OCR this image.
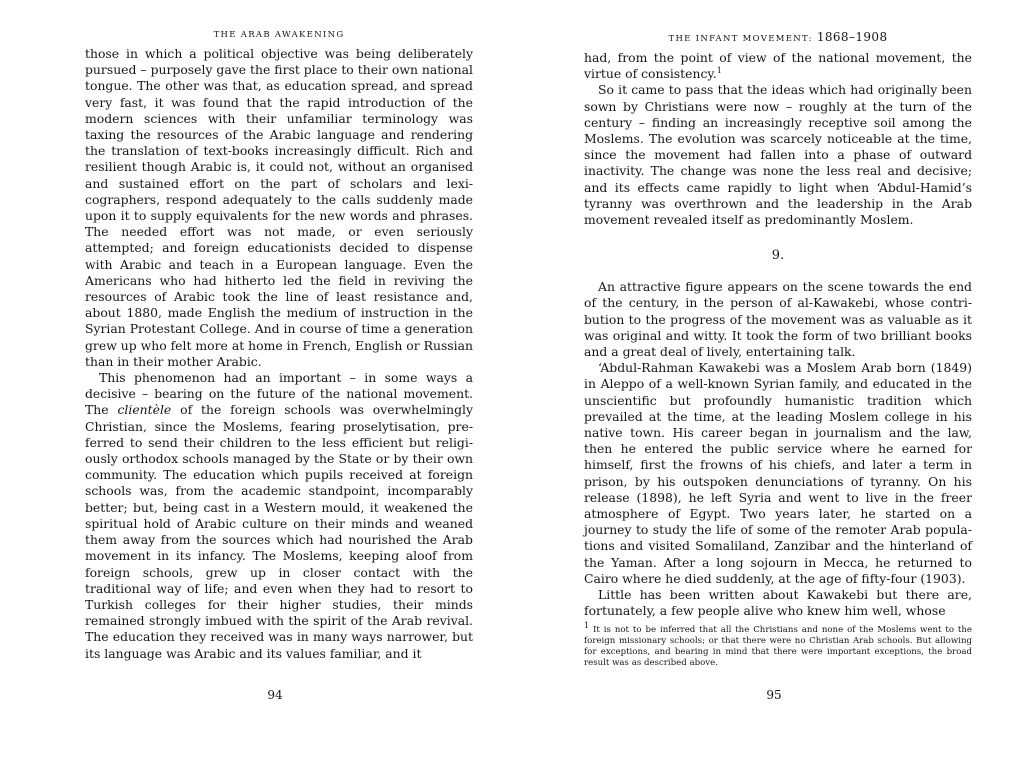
THE ARAB AWAKENING

those in which a political objective was being deliberately pursued – purposely gave the first place to their own national tongue. The other was that, as education spread, and spread very fast, it was found that the rapid introduction of the modern sciences with their unfamiliar terminology was taxing the resources of the Arabic language and rendering the translation of text-books increasingly difficult. Rich and resilient though Arabic is, it could not, without an organised and sustained effort on the part of scholars and lexicographers, respond adequately to the calls suddenly made upon it to supply equivalents for the new words and phrases. The needed effort was not made, or even seriously attempted; and foreign educationists decided to dispense with Arabic and teach in a European language. Even the Americans who had hitherto led the field in reviving the resources of Arabic took the line of least resistance and, about 1880, made English the medium of instruction in the Syrian Protestant College. And in course of time a generation grew up who felt more at home in French, English or Russian than in their mother Arabic.

This phenomenon had an important – in some ways a decisive – bearing on the future of the national movement. The clientèle of the foreign schools was overwhelmingly Christian, since the Moslems, fearing proselytisation, preferred to send their children to the less efficient but religiously orthodox schools managed by the State or by their own community. The education which pupils received at foreign schools was, from the academic standpoint, incomparably better; but, being cast in a Western mould, it weakened the spiritual hold of Arabic culture on their minds and weaned them away from the sources which had nourished the Arab movement in its infancy. The Moslems, keeping aloof from foreign schools, grew up in closer contact with the traditional way of life; and even when they had to resort to Turkish colleges for their higher studies, their minds remained strongly imbued with the spirit of the Arab revival. The education they received was in many ways narrower, but its language was Arabic and its values familiar, and it

94
THE INFANT MOVEMENT: 1868–1908

had, from the point of view of the national movement, the virtue of consistency.$^1$

So it came to pass that the ideas which had originally been sown by Christians were now – roughly at the turn of the century – finding an increasingly receptive soil among the Moslems. The evolution was scarcely noticeable at the time, since the movement had fallen into a phase of outward inactivity. The change was none the less real and decisive; and its effects came rapidly to light when ‘Abdul-Hamid’s tyranny was overthrown and the leadership in the Arab movement revealed itself as predominantly Moslem.

9.

An attractive figure appears on the scene towards the end of the century, in the person of al-Kawakebi, whose contribution to the progress of the movement was as valuable as it was original and witty. It took the form of two brilliant books and a great deal of lively, entertaining talk.

‘Abdul-Rahman Kawakebi was a Moslem Arab born (1849) in Aleppo of a well-known Syrian family, and educated in the unscientific but profoundly humanistic tradition which prevailed at the time, at the leading Moslem college in his native town. His career began in journalism and the law, then he entered the public service where he earned for himself, first the frowns of his chiefs, and later a term in prison, by his outspoken denunciations of tyranny. On his release (1898), he left Syria and went to live in the freer atmosphere of Egypt. Two years later, he started on a journey to study the life of some of the remoter Arab populations and visited Somaliland, Zanzibar and the hinterland of the Yaman. After a long sojourn in Mecca, he returned to Cairo where he died suddenly, at the age of fifty-four (1903).

Little has been written about Kawakebi but there are, fortunately, a few people alive who knew him well, whose

$^1$ It is not to be inferred that all the Christians and none of the Moslems went to the foreign missionary schools; or that there were no Christian Arab schools. But allowing for exceptions, and bearing in mind that there were important exceptions, the broad result was as described above.
95
